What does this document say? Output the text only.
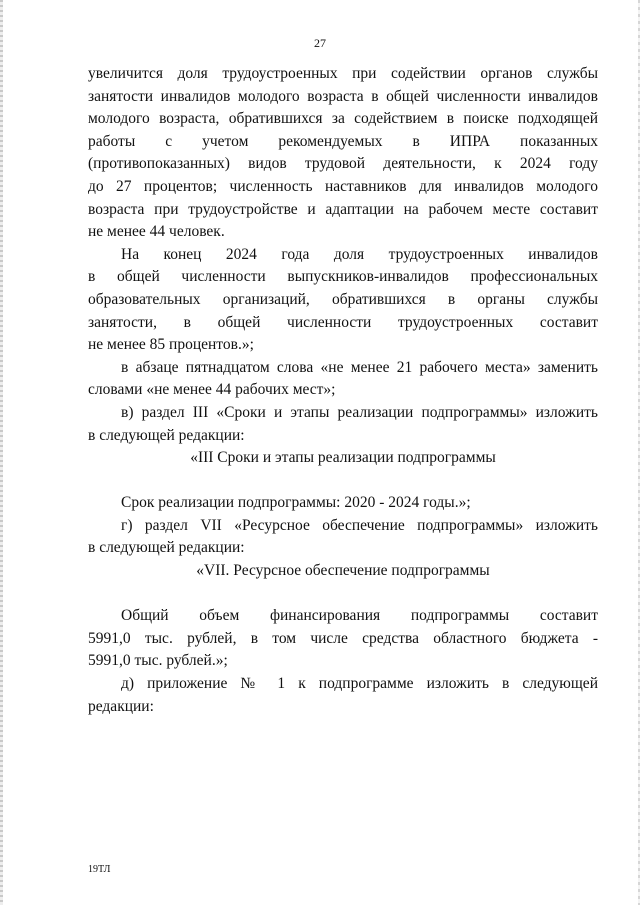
27

увеличится доля трудоустроенных при содействии органов службы

занятости инвалидов молодого возраста в общей численности инвалидов

молодого возраста, обратившихся за содействием в поиске подходящей

работы с учетом рекомендуемых в ИПРА показанных

(противопоказанных) видов трудовой деятельности, к 2024 году

до 27 процентов; численность наставников для инвалидов молодого

возраста при трудоустройстве и адаптации на рабочем месте составит

не менее 44 человек.

На конец 2024 года доля трудоустроенных инвалидов

в общей численности выпускников-инвалидов профессиональных

образовательных организаций, обратившихся в органы службы

занятости, в общей численности трудоустроенных составит

не менее 85 процентов.»;

в абзаце пятнадцатом слова «не менее 21 рабочего места» заменить

словами «не менее 44 рабочих мест»;

в) раздел III «Сроки и этапы реализации подпрограммы» изложить

в следующей редакции:

«III Сроки и этапы реализации подпрограммы

Срок реализации подпрограммы: 2020 - 2024 годы.»;

г) раздел VII «Ресурсное обеспечение подпрограммы» изложить

в следующей редакции:

«VII. Ресурсное обеспечение подпрограммы

Общий объем финансирования подпрограммы составит

5991,0 тыс. рублей, в том числе средства областного бюджета -

5991,0 тыс. рублей.»;

д) приложение № 1 к подпрограмме изложить в следующей

редакции:

19ТЛ
